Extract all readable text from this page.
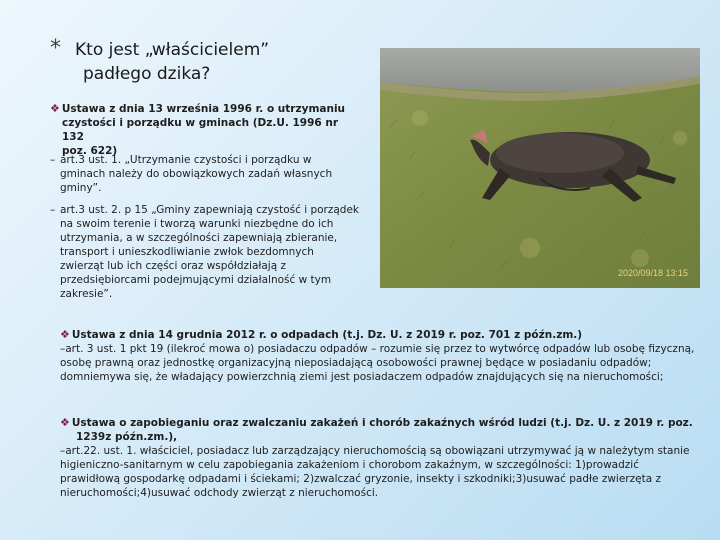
* Kto jest „właścicielem”
padłego dzika?
❖ Ustawa z dnia 13 września 1996 r. o utrzymaniu
czystości i porządku w gminach (Dz.U. 1996 nr 132
poz. 622)
– art.3 ust. 1. „Utrzymanie czystości i porządku w gminach należy do obowiązkowych zadań własnych gminy”.
– art.3 ust. 2. p 15 „Gminy zapewniają czystość i porządek na swoim terenie i tworzą warunki niezbędne do ich utrzymania, a w szczególności zapewniają zbieranie, transport i unieszkodliwianie zwłok bezdomnych zwierząt lub ich części oraz współdziałają z przedsiębiorcami podejmującymi działalność w tym zakresie”.
2020/09/18 13:15
❖ Ustawa z dnia 14 grudnia 2012 r. o odpadach (t.j. Dz. U. z 2019 r. poz. 701 z późn.zm.)
–art. 3 ust. 1 pkt 19 (ilekroć mowa o) posiadaczu odpadów – rozumie się przez to wytwórcę odpadów lub osobę fizyczną, osobę prawną oraz jednostkę organizacyjną nieposiadającą osobowości prawnej będące w posiadaniu odpadów; domniemywa się, że władający powierzchnią ziemi jest posiadaczem odpadów znajdujących się na nieruchomości;
❖ Ustawa o zapobieganiu oraz zwalczaniu zakażeń i chorób zakaźnych wśród ludzi (t.j. Dz. U. z 2019 r. poz.
1239z późn.zm.),
–art.22. ust. 1. właściciel, posiadacz lub zarządzający nieruchomością są obowiązani utrzymywać ją w należytym stanie higieniczno-sanitarnym w celu zapobiegania zakażeniom i chorobom zakaźnym, w szczególności: 1)prowadzić prawidłową gospodarkę odpadami i ściekami; 2)zwalczać gryzonie, insekty i szkodniki;3)usuwać padłe zwierzęta z nieruchomości;4)usuwać odchody zwierząt z nieruchomości.
